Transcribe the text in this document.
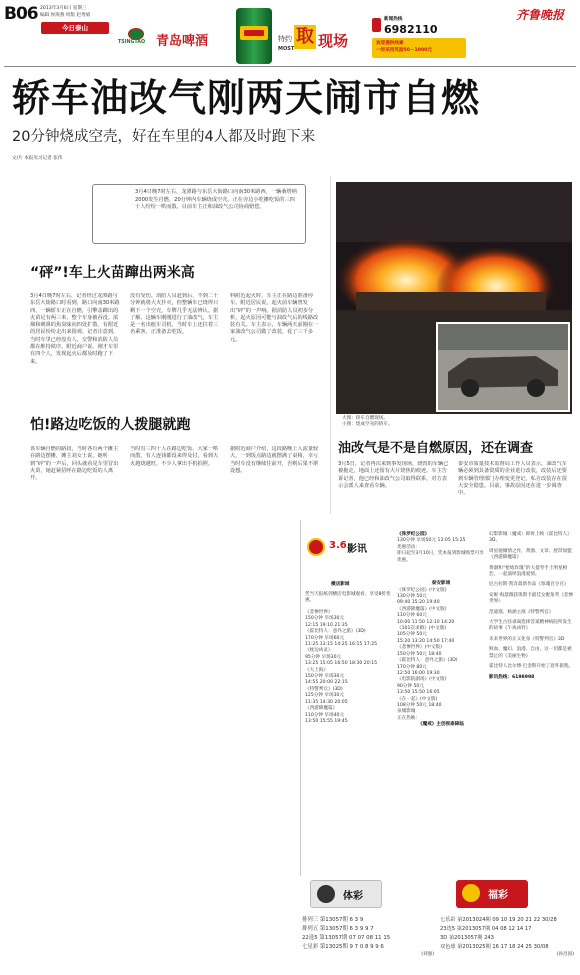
B06 2013年3月6日 星期三
编辑 侯海燕 组版 赵秀娟
今日泰山
齐鲁晚报
TSINGTAO 青岛啤酒	特约
MOST
取 现场
新闻热线
6982110
欢迎提供线索
一经采用奖励50－1000元
轿车油改气刚两天闹市自燃
20分钟烧成空壳，好在车里的4人都及时跑下来
文/片 本报见习记者 张伟
3月4日晚7时左右，龙潭路与东岳大街路口向南30米路西，一辆桑塔纳2000发生自燃，20分钟内车辆烧成空壳。正在旁边小吃摊吃饭的三四十人纷纷一哄而散。目前车主正和油改气公司协商赔偿。
“砰”!车上火苗蹿出两米高
3月4日晚7时左右，记者经过龙潭路与东岳大街路口时看到，路口向南30米路西，一辆轿车正在自燃，引擎盖蹿出的火苗足有两三米，整个车身被吞没。浓烟和刺鼻的焦臭味向四处扩散，有附近的居民纷纷走出来围观。记者注意到，当时车里已经没有人，交警和消防人员都在维持秩序。附近商户说，刚才车里有四个人，发现起火后都及时跑了下来。
没有受伤。消防人员赶到后，不到二十分钟就将大火扑灭，但整辆车已烧得只剩下一个空壳，车牌几乎无法辨认。据了解，这辆车刚刚进行了油改气，车主是一名出租车司机，当时车上还拉着三名乘客，正准备去吃饭。
料附近起火时，车主正在路边准备停车。附近居民说，起火前车辆曾发出“砰”的一声响。据消防人员初步分析，起火原因可能与油改气后的线路改装有关。车主表示，车辆两天前刚在一家油改气公司做了改装，花了三千多元。
怕!路边吃饭的人拨腿就跑
该车辆自燃的路段，当时各有两个摊主在路边摆摊，摊主刘女士说，她听到“砰”的一声后，回头就看见车里冒出火苗，她赶紧招呼在路边吃饭的人离开。
当时有三四十人在路边吃饭，大家一哄而散，有人连钱都没来得及付。看到大火越烧越旺，不少人拿出手机拍照。
据附近商户介绍，这段路晚上人流量较大，一到饭点路边就摆满了桌椅，幸亏当时车没有继续往前开，否则后果不堪设想。
大图：轿车自燃现场。
小图：烧成空壳的轿车。
油改气是不是自燃原因，还在调查
3月5日，记者再次来到事发现场，烧毁的车辆已被拖走，地面上还留有大片烧焦的痕迹。车主告诉记者，他已经和油改气公司取得联系，对方表示会派人来查看车辆。
泰安市质量技术监督局工作人员表示，油改气车辆必须到具备资质的企业进行改装，改装后还要到车辆管理部门办理变更登记，私自改装存在很大安全隐患。目前，事故原因还在进一步调查中。
3.6 影讯
横店影城
凭当天报纸到横店电影城观看，享受8折优惠。
《悲惨世界》
150分钟 早场30元
12:15 19:10 21:35
《霍比特人：意外之旅》(3D)
170分钟 早场60元
11:25 13:15 14:25 16:15 17:25
《枕边凶灵》
95分钟 早场30元
13:25 15:05 16:50 18:30 20:15
《大上海》
150分钟 早场30元
14:55 20:00 22:15
《特警判官》(3D)
125分钟 早场30元
11:35 14:30 20:05
《西游降魔篇》
110分钟 早场40元
13:50 15:55 19:45
《侏罗纪公园》
130分钟 早场50元 13:05 15:25
优惠活动：
即日起至3月10日，凭本报到影城购票可享优惠。
泰安影城
《侏罗纪公园》(中文版)
130分钟 50元
09:40 15:20 19:40
《西游降魔篇》(中文版)
110分钟 60元
10:00 11:50 12:10 14:20
《101次求婚》(中文版)
105分钟 50元
15:20 13:20 14:50 17:40
《悲惨世界》(中文版)
150分钟 50元 18:40
《霍比特人：意外之旅》(3D)
170分钟 80元
12:50 16:00 19:30
《电影院剧场》(中文版)
90分钟 50元
13:50 15:50 16:05
《在一起》(中文版)
108分钟 50元 18:40
泉城影城
正在热映：
《魔戒》主创侯泰降临
幻影影城（魔戒）即将上映《霍比特人》3D。
周星驰倾情之作，黄渤、文章、舒淇加盟《西游降魔篇》
黄渤和“枪炮玫瑰”的大提琴手士明星相恋，一起演绎浪漫爱情。
尼古拉斯·凯奇最新作品《惊魂百分百》
安妮·海瑟薇获奥斯卡最佳女配角奖《悲惨世界》
范迪塞、杨涵主演《特警判官》
大学生古怪乖离选择答案精神病院所发生的故事《午夜凶铃》
未来世界的正义化身《特警判官》3D
鲜血、魔幻、浪漫、自由，这一切都是被禁止的《美丽生物》
霍比特人比尔博·巴金斯开始了意外旅程。
影讯热线：6198998
体彩	福彩
排列三 第13057期 6 3 9
排列五 第13057期 6 3 9 9 7
22选5 第13057期 07 07 08 11 15
七星彩 第13025期 9 7 0 8 9 9 6
(刘强)
七乐彩 第2013024期 09 10 19 20 21 22 30/28
23选5 第2013057期 04 08 12 14 17
3D 第2013057期 243
双色球 第2013025期 16 17 18 24 25 30/08
(孙昌国)
